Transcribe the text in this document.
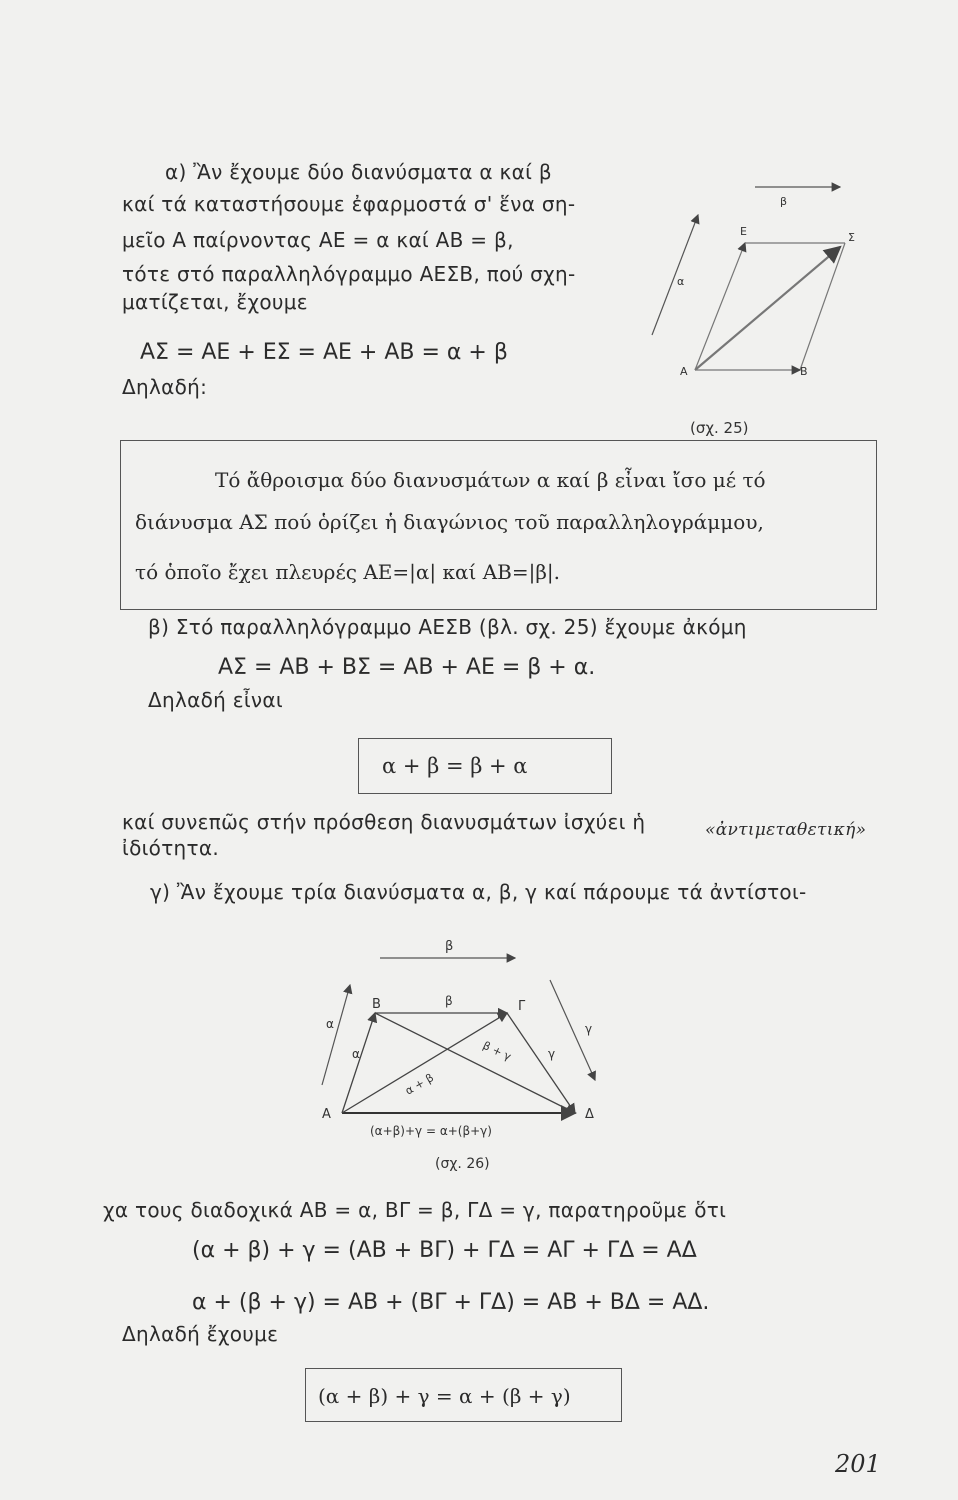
α) Ἂν ἔχουμε δύο διανύσματα α καί β
καί τά καταστήσουμε ἐφαρμοστά σ' ἕνα ση-
μεῖο Α παίρνοντας ΑΕ = α καί ΑΒ = β,
τότε στό παραλληλόγραμμο ΑΕΣΒ, πού σχη-
ματίζεται, ἔχουμε
ΑΣ = ΑΕ + ΕΣ = ΑΕ + ΑΒ = α + β
Δηλαδή:
β
α
Α
Ε	Σ
Β
(σχ. 25)
Τό ἄθροισμα δύο διανυσμάτων α καί β εἶναι ἴσο μέ τό
διάνυσμα ΑΣ πού ὁρίζει ἡ διαγώνιος τοῦ παραλληλογράμμου,
τό ὁποῖο ἔχει πλευρές ΑΕ=|α| καί ΑΒ=|β|.
β) Στό παραλληλόγραμμο ΑΕΣΒ (βλ. σχ. 25) ἔχουμε ἀκόμη
ΑΣ = ΑΒ + ΒΣ = ΑΒ + ΑΕ = β + α.
Δηλαδή εἶναι
α + β = β + α
καί συνεπῶς στήν πρόσθεση διανυσμάτων ἰσχύει ἡ	«ἀντιμεταθετική»
ἰδιότητα.
γ) Ἂν ἔχουμε τρία διανύσματα α, β, γ καί πάρουμε τά ἀντίστοι-
β
α	γ
α
β
γ
α + β
β + γ
Α
Β	Γ
Δ
(α+β)+γ = α+(β+γ)
(σχ. 26)
χα τους διαδοχικά ΑΒ = α, ΒΓ = β, ΓΔ = γ, παρατηροῦμε ὅτι
(α + β) + γ = (ΑΒ + ΒΓ) + ΓΔ = ΑΓ + ΓΔ = ΑΔ
α + (β + γ) = ΑΒ + (ΒΓ + ΓΔ) = ΑΒ + ΒΔ = ΑΔ.
Δηλαδή ἔχουμε
(α + β) + γ = α + (β + γ)
201
